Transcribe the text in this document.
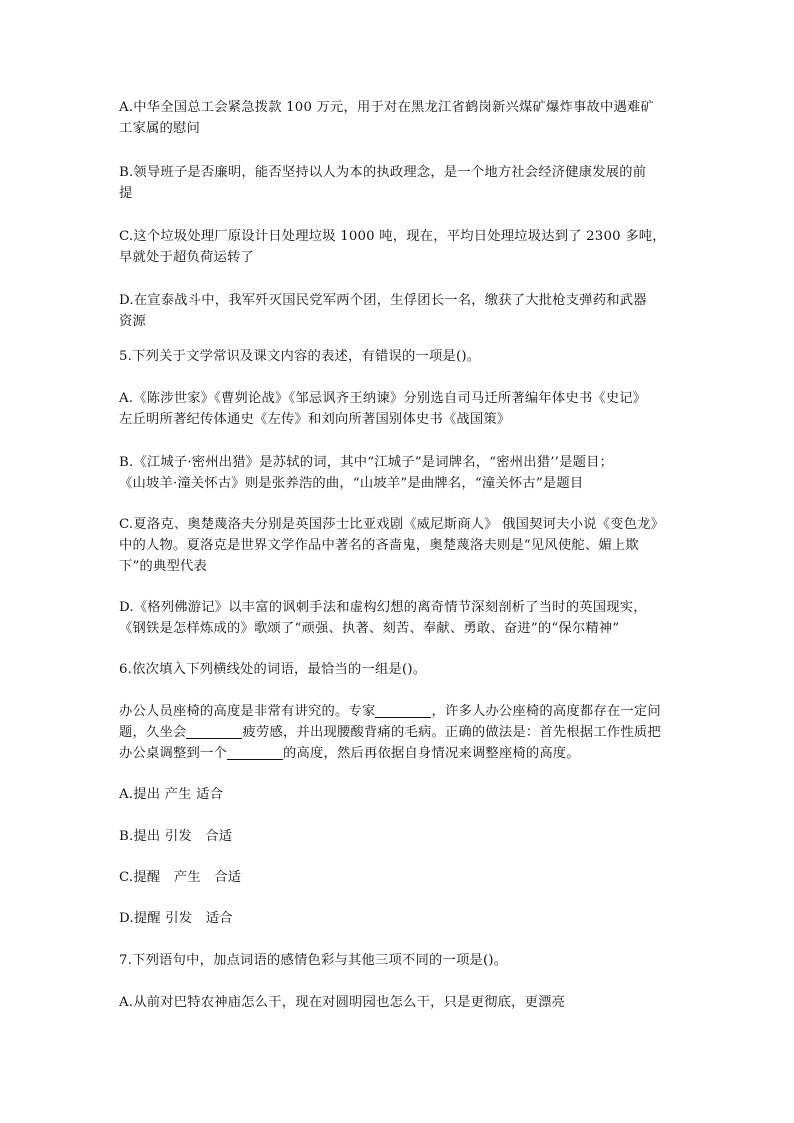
A.中华全国总工会紧急拨款 100 万元，用于对在黑龙江省鹤岗新兴煤矿爆炸事故中遇难矿
工家属的慰问

B.领导班子是否廉明，能否坚持以人为本的执政理念，是一个地方社会经济健康发展的前
提

C.这个垃圾处理厂原设计日处理垃圾 1000 吨，现在，平均日处理垃圾达到了 2300 多吨，
早就处于超负荷运转了

D.在宣泰战斗中，我军歼灭国民党军两个团，生俘团长一名，缴获了大批枪支弹药和武器
资源

5.下列关于文学常识及课文内容的表述，有错误的一项是()。

A.《陈涉世家》《曹刿论战》《邹忌讽齐王纳谏》分别选自司马迁所著编年体史书《史记》
左丘明所著纪传体通史《左传》和刘向所著国别体史书《战国策》

B.《江城子·密州出猎》是苏轼的词，其中“江城子”是词牌名，“密州出猎’’是题目；
《山坡羊·潼关怀古》则是张养浩的曲，“山坡羊”是曲牌名，“潼关怀古”是题目

C.夏洛克、奥楚蔑洛夫分别是英国莎士比亚戏剧《威尼斯商人》 俄国契诃夫小说《变色龙》
中的人物。夏洛克是世界文学作品中著名的吝啬鬼，奥楚蔑洛夫则是“见风使舵、媚上欺
下”的典型代表

D.《格列佛游记》以丰富的讽刺手法和虚构幻想的离奇情节深刻剖析了当时的英国现实，
《钢铁是怎样炼成的》歌颂了“顽强、执著、刻苦、奉献、勇敢、奋进”的“保尔精神”

6.依次填入下列横线处的词语，最恰当的一组是()。

办公人员座椅的高度是非常有讲究的。专家	，许多人办公座椅的高度都存在一定问
题，久坐会	疲劳感，并出现腰酸背痛的毛病。正确的做法是：首先根据工作性质把
办公桌调整到一个	的高度，然后再依据自身情况来调整座椅的高度。

A.提出 产生 适合

B.提出 引发　合适

C.提醒　产生　合适

D.提醒 引发　适合

7.下列语句中，加点词语的感情色彩与其他三项不同的一项是()。

A.从前对巴特农神庙怎么干，现在对圆明园也怎么干，只是更彻底，更漂亮
